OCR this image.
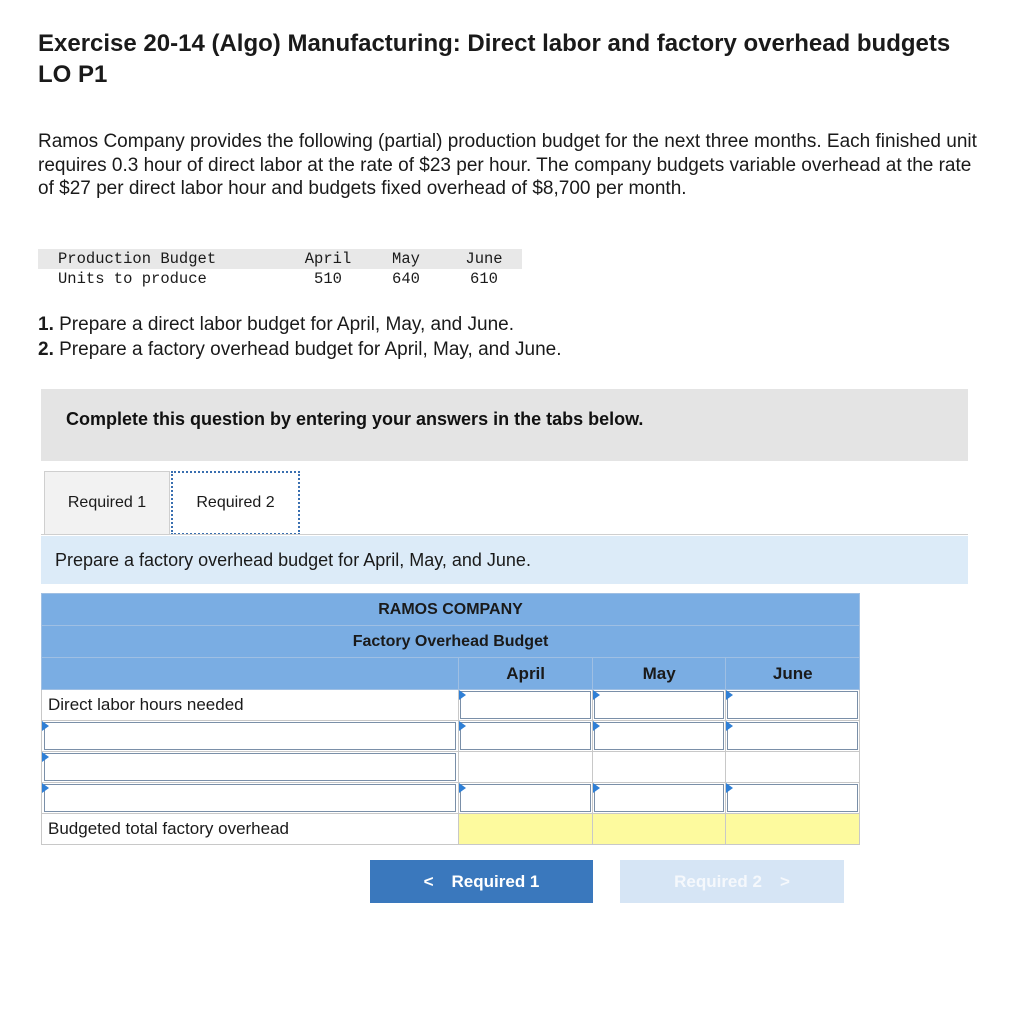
Exercise 20-14 (Algo) Manufacturing: Direct labor and factory overhead budgets LO P1
Ramos Company provides the following (partial) production budget for the next three months. Each finished unit requires 0.3 hour of direct labor at the rate of $23 per hour. The company budgets variable overhead at the rate of $27 per direct labor hour and budgets fixed overhead of $8,700 per month.
Production Budget	April	May	June
Units to produce	510	640	610
1. Prepare a direct labor budget for April, May, and June.
2. Prepare a factory overhead budget for April, May, and June.
Complete this question by entering your answers in the tabs below.
Required 1	Required 2
Prepare a factory overhead budget for April, May, and June.
RAMOS COMPANY			
Factory Overhead Budget			
	April	May	June
Direct labor hours needed	

Budgeted total factory overhead			
< Required 1	Required 2 >
